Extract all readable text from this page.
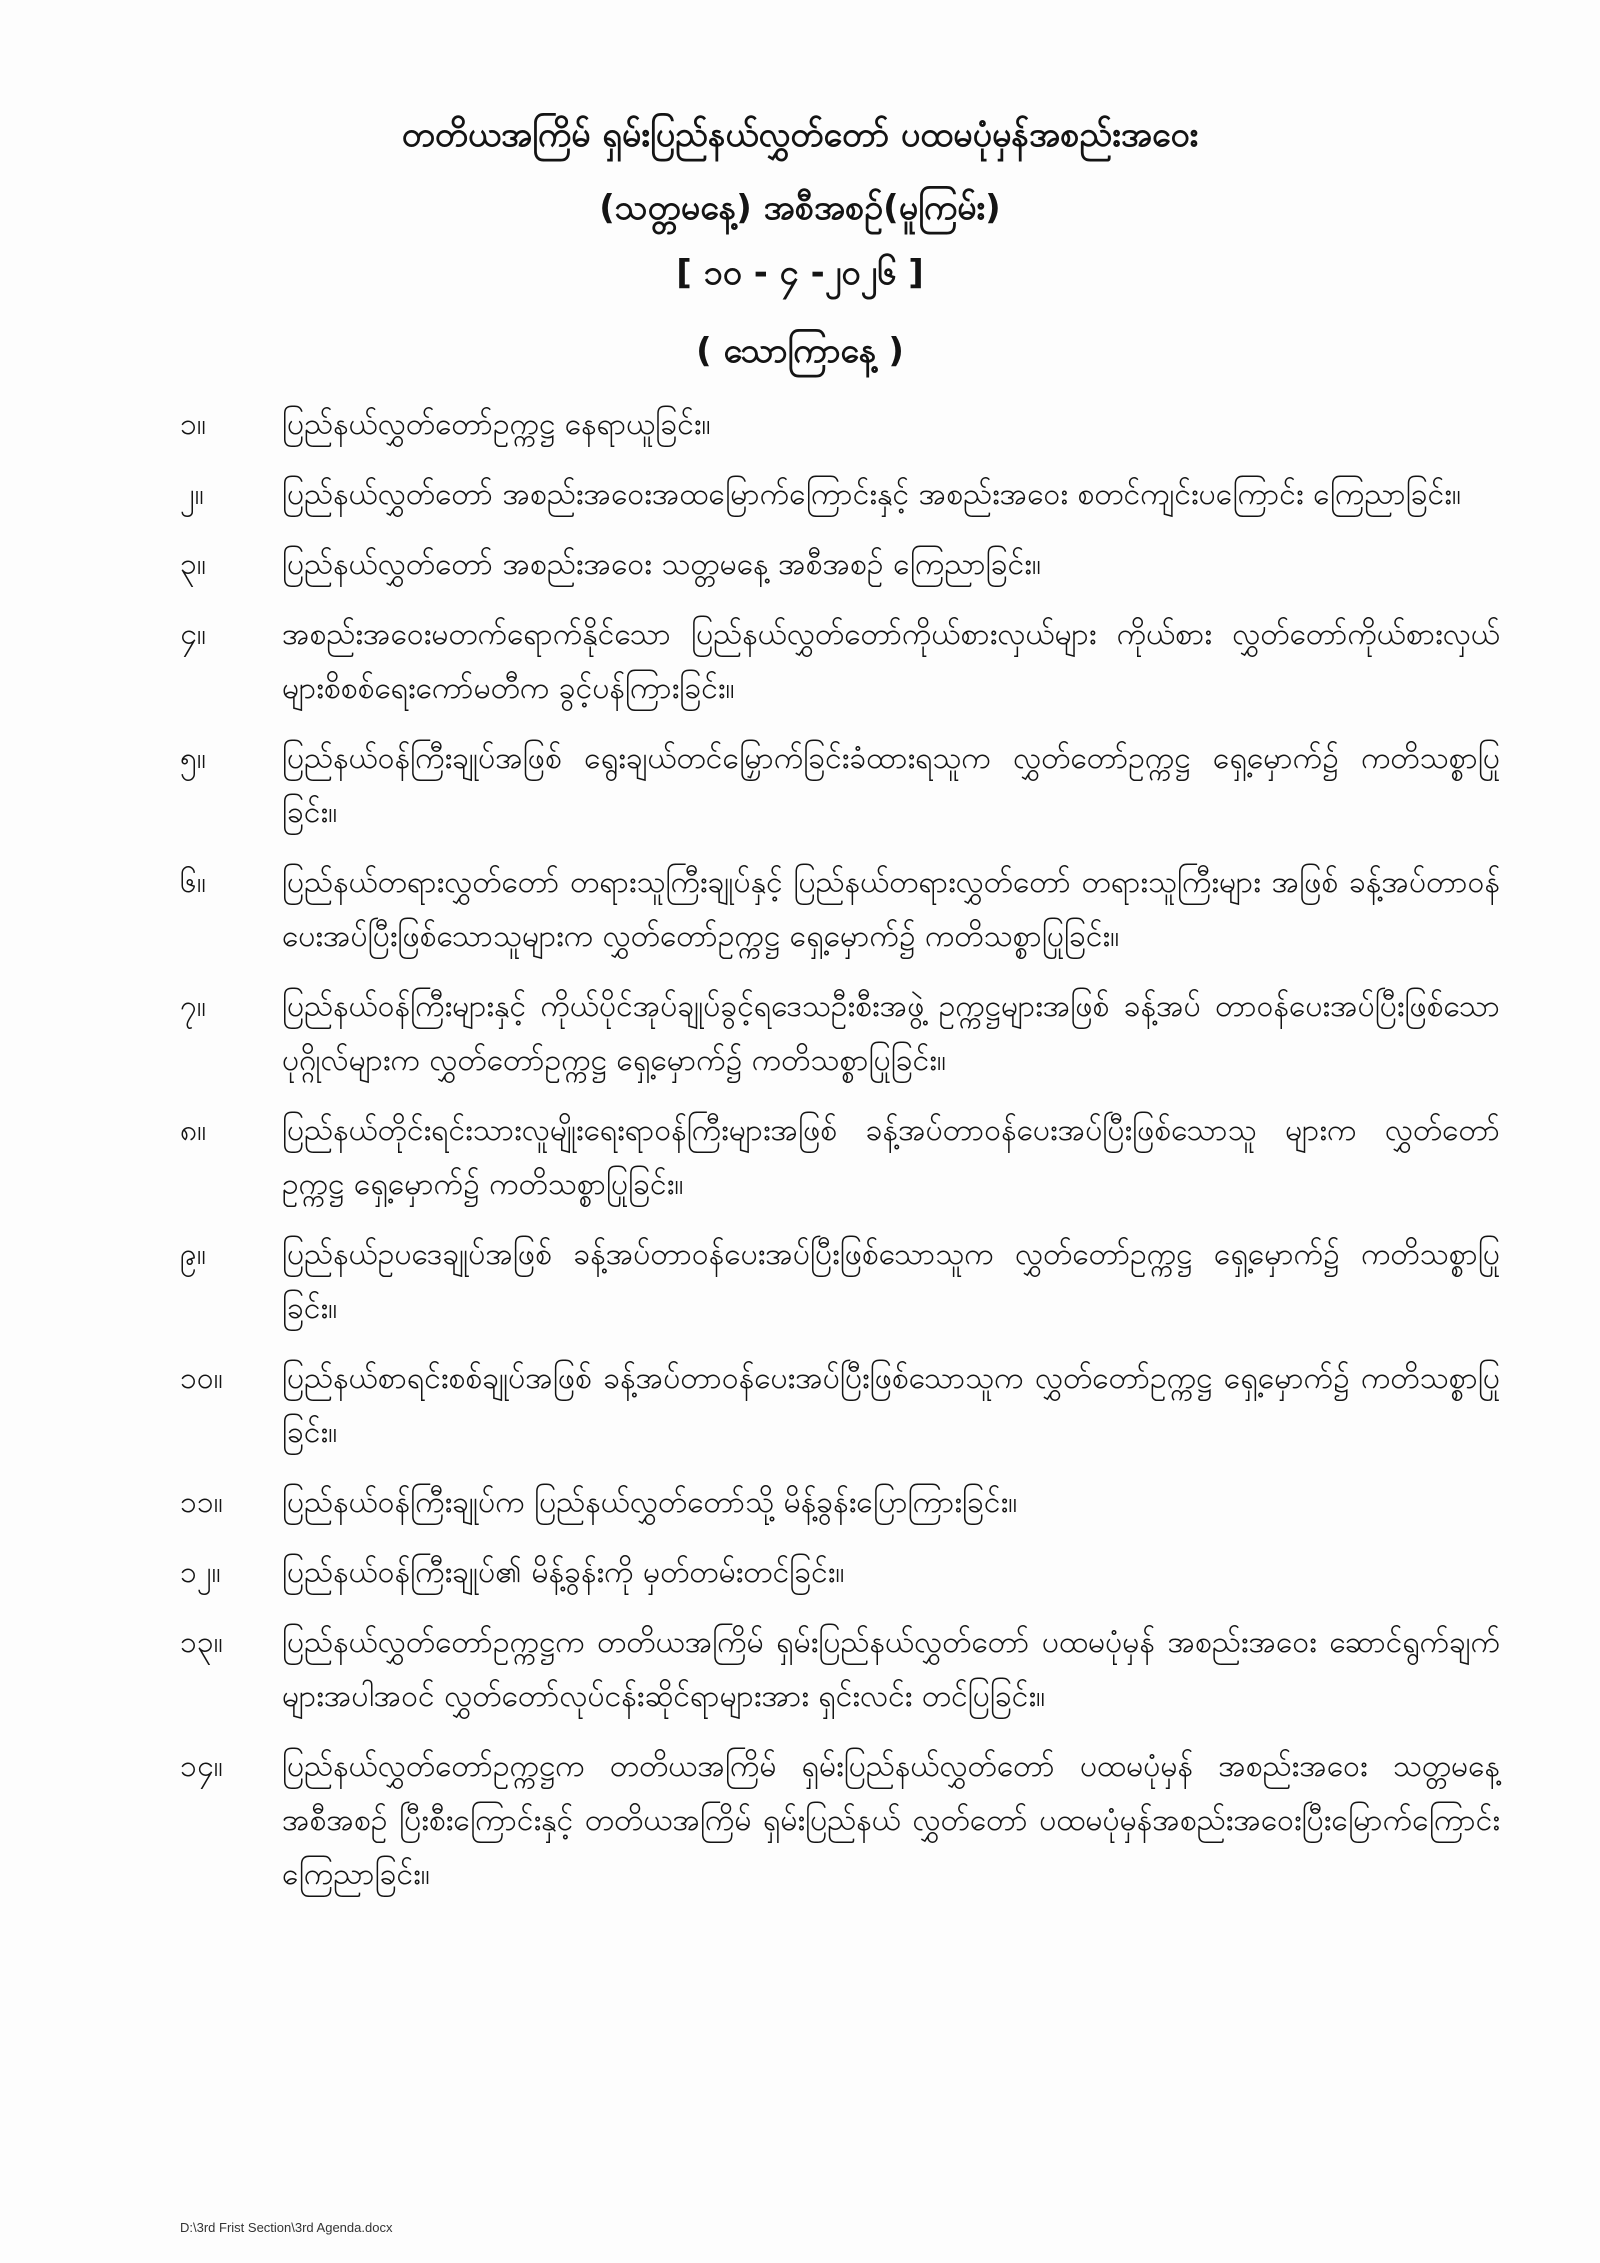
တတိယအကြိမ် ရှမ်းပြည်နယ်လွှတ်တော် ပထမပုံမှန်အစည်းအဝေး
(သတ္တမနေ့) အစီအစဉ်(မူကြမ်း)
[ ၁၀ - ၄ -၂၀၂၆ ]
( သောကြာနေ့ )
၁။	ပြည်နယ်လွှတ်တော်ဥက္ကဋ္ဌ နေရာယူခြင်း။
၂။	ပြည်နယ်လွှတ်တော် အစည်းအဝေးအထမြောက်ကြောင်းနှင့် အစည်းအဝေး စတင်ကျင်းပကြောင်း ကြေညာခြင်း။
၃။	ပြည်နယ်လွှတ်တော် အစည်းအဝေး သတ္တမနေ့ အစီအစဉ် ကြေညာခြင်း။
၄။	အစည်းအဝေးမတက်ရောက်နိုင်သော ပြည်နယ်လွှတ်တော်ကိုယ်စားလှယ်များ ကိုယ်စား လွှတ်တော်ကိုယ်စားလှယ်များစိစစ်ရေးကော်မတီက ခွင့်ပန်ကြားခြင်း။
၅။	ပြည်နယ်ဝန်ကြီးချုပ်အဖြစ် ရွေးချယ်တင်မြှောက်ခြင်းခံထားရသူက လွှတ်တော်ဥက္ကဋ္ဌ ရှေ့မှောက်၌ ကတိသစ္စာပြုခြင်း။
၆။	ပြည်နယ်တရားလွှတ်တော် တရားသူကြီးချုပ်နှင့် ပြည်နယ်တရားလွှတ်တော် တရားသူကြီးများ အဖြစ် ခန့်အပ်တာဝန်ပေးအပ်ပြီးဖြစ်သောသူများက လွှတ်တော်ဥက္ကဋ္ဌ ရှေ့မှောက်၌ ကတိသစ္စာပြုခြင်း။
၇။	ပြည်နယ်ဝန်ကြီးများနှင့် ကိုယ်ပိုင်အုပ်ချုပ်ခွင့်ရဒေသဦးစီးအဖွဲ့ ဥက္ကဋ္ဌများအဖြစ် ခန့်အပ် တာဝန်ပေးအပ်ပြီးဖြစ်သော ပုဂ္ဂိုလ်များက လွှတ်တော်ဥက္ကဋ္ဌ ရှေ့မှောက်၌ ကတိသစ္စာပြုခြင်း။
၈။	ပြည်နယ်တိုင်းရင်းသားလူမျိုးရေးရာဝန်ကြီးများအဖြစ် ခန့်အပ်တာဝန်ပေးအပ်ပြီးဖြစ်သောသူ များက လွှတ်တော်ဥက္ကဋ္ဌ ရှေ့မှောက်၌ ကတိသစ္စာပြုခြင်း။
၉။	ပြည်နယ်ဥပဒေချုပ်အဖြစ် ခန့်အပ်တာဝန်ပေးအပ်ပြီးဖြစ်သောသူက လွှတ်တော်ဥက္ကဋ္ဌ ရှေ့မှောက်၌ ကတိသစ္စာပြုခြင်း။
၁၀။	ပြည်နယ်စာရင်းစစ်ချုပ်အဖြစ် ခန့်အပ်တာဝန်ပေးအပ်ပြီးဖြစ်သောသူက လွှတ်တော်ဥက္ကဋ္ဌ ရှေ့မှောက်၌ ကတိသစ္စာပြုခြင်း။
၁၁။	ပြည်နယ်ဝန်ကြီးချုပ်က ပြည်နယ်လွှတ်တော်သို့ မိန့်ခွန်းပြောကြားခြင်း။
၁၂။	ပြည်နယ်ဝန်ကြီးချုပ်၏ မိန့်ခွန်းကို မှတ်တမ်းတင်ခြင်း။
၁၃။	ပြည်နယ်လွှတ်တော်ဥက္ကဋ္ဌက တတိယအကြိမ် ရှမ်းပြည်နယ်လွှတ်တော် ပထမပုံမှန် အစည်းအဝေး ဆောင်ရွက်ချက်များအပါအဝင် လွှတ်တော်လုပ်ငန်းဆိုင်ရာများအား ရှင်းလင်း တင်ပြခြင်း။
၁၄။	ပြည်နယ်လွှတ်တော်ဥက္ကဋ္ဌက တတိယအကြိမ် ရှမ်းပြည်နယ်လွှတ်တော် ပထမပုံမှန် အစည်းအဝေး သတ္တမနေ့ အစီအစဉ် ပြီးစီးကြောင်းနှင့် တတိယအကြိမ် ရှမ်းပြည်နယ် လွှတ်တော် ပထမပုံမှန်အစည်းအဝေးပြီးမြောက်ကြောင်း ကြေညာခြင်း။
D:\3rd Frist Section\3rd Agenda.docx
